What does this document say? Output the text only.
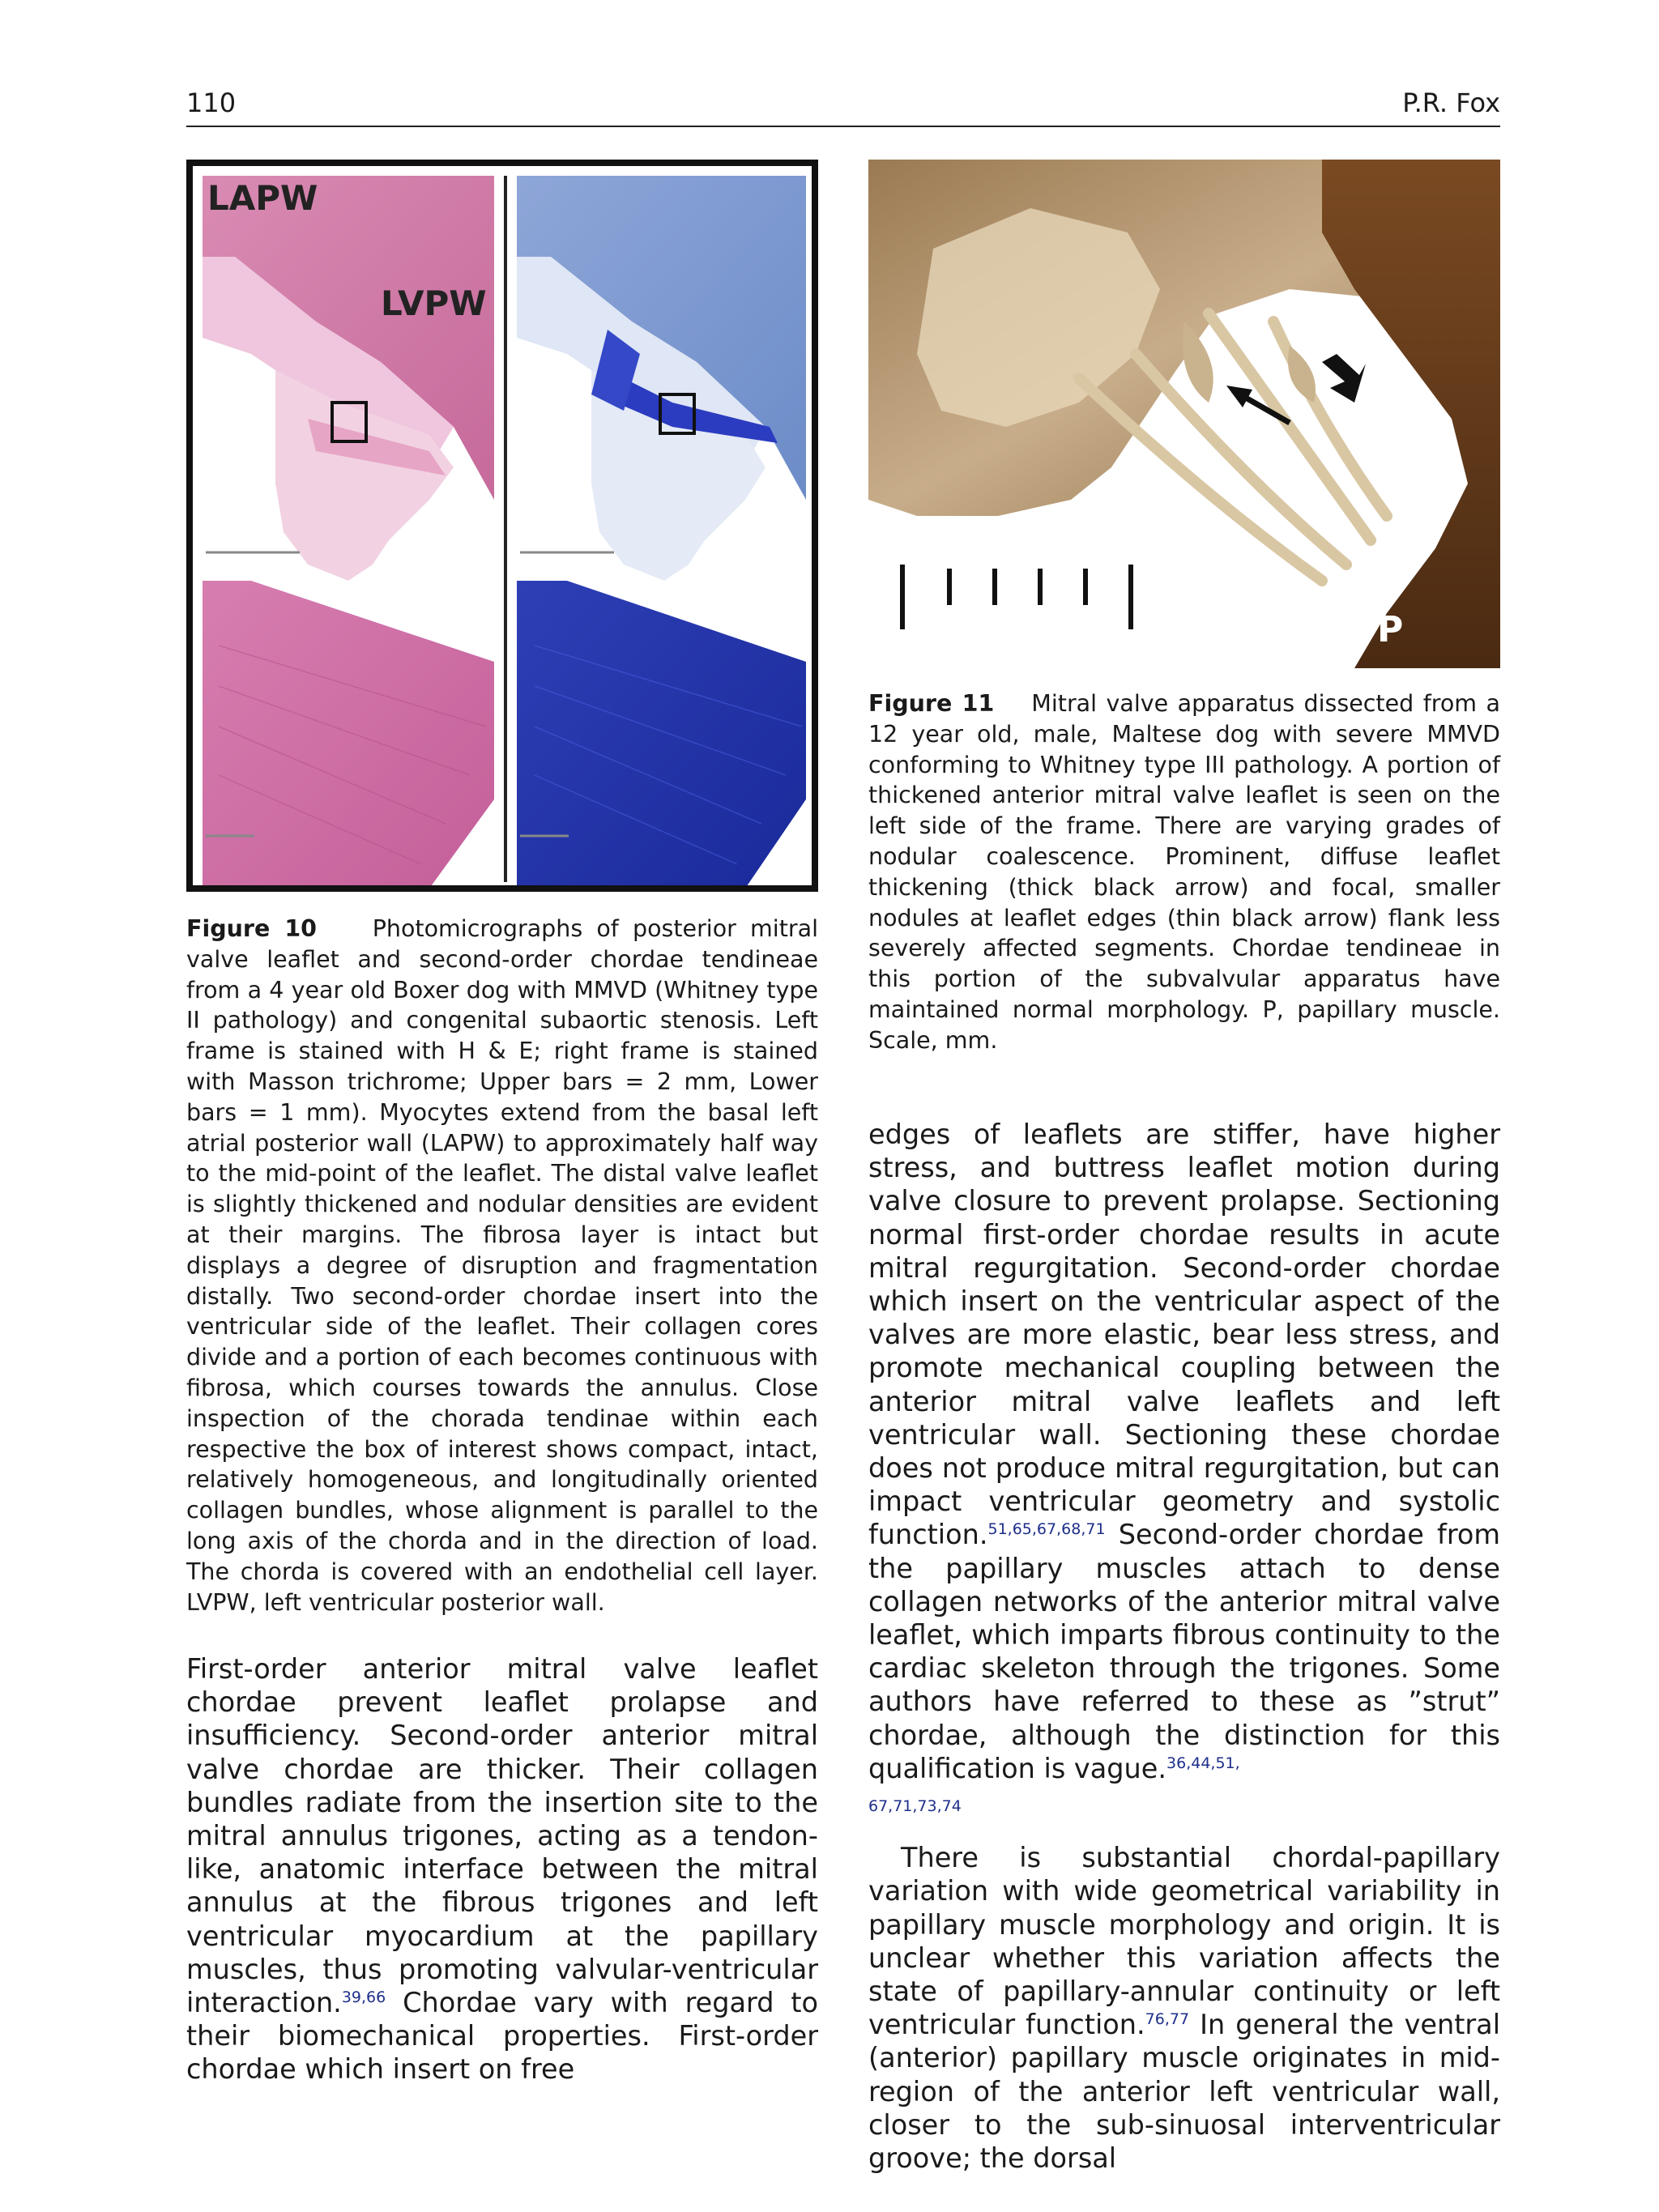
110	P.R. Fox
LAPW
LVPW
Figure 10 Photomicrographs of posterior mitral valve leaflet and second-order chordae tendineae from a 4 year old Boxer dog with MMVD (Whitney type II pathology) and congenital subaortic stenosis. Left frame is stained with H & E; right frame is stained with Masson trichrome; Upper bars = 2 mm, Lower bars = 1 mm). Myocytes extend from the basal left atrial posterior wall (LAPW) to approximately half way to the mid-point of the leaflet. The distal valve leaflet is slightly thickened and nodular densities are evident at their margins. The fibrosa layer is intact but displays a degree of disruption and fragmentation distally. Two second-order chordae insert into the ventricular side of the leaflet. Their collagen cores divide and a portion of each becomes continuous with fibrosa, which courses towards the annulus. Close inspection of the chorada tendinae within each respective the box of interest shows compact, intact, relatively homogeneous, and longitudinally oriented collagen bundles, whose alignment is parallel to the long axis of the chorda and in the direction of load. The chorda is covered with an endothelial cell layer. LVPW, left ventricular posterior wall.
P
Figure 11 Mitral valve apparatus dissected from a 12 year old, male, Maltese dog with severe MMVD conforming to Whitney type III pathology. A portion of thickened anterior mitral valve leaflet is seen on the left side of the frame. There are varying grades of nodular coalescence. Prominent, diffuse leaflet thickening (thick black arrow) and focal, smaller nodules at leaflet edges (thin black arrow) flank less severely affected segments. Chordae tendineae in this portion of the subvalvular apparatus have maintained normal morphology. P, papillary muscle. Scale, mm.

First-order anterior mitral valve leaflet chordae prevent leaflet prolapse and insufficiency. Second-order anterior mitral valve chordae are thicker. Their collagen bundles radiate from the insertion site to the mitral annulus trigones, acting as a tendon-like, anatomic interface between the mitral annulus at the fibrous trigones and left ventricular myocardium at the papillary muscles, thus promoting valvular-ventricular interaction.$^{39,66}$ Chordae vary with regard to their biomechanical properties. First-order chordae which insert on free

edges of leaflets are stiffer, have higher stress, and buttress leaflet motion during valve closure to prevent prolapse. Sectioning normal first-order chordae results in acute mitral regurgitation. Second-order chordae which insert on the ventricular aspect of the valves are more elastic, bear less stress, and promote mechanical coupling between the anterior mitral valve leaflets and left ventricular wall. Sectioning these chordae does not produce mitral regurgitation, but can impact ventricular geometry and systolic function.$^{51,65,67,68,71}$ Second-order chordae from the papillary muscles attach to dense collagen networks of the anterior mitral valve leaflet, which imparts fibrous continuity to the cardiac skeleton through the trigones. Some authors have referred to these as ”strut” chordae, although the distinction for this qualification is vague.$^{36,44,51,}$
67,71,73,74

There is substantial chordal-papillary variation with wide geometrical variability in papillary muscle morphology and origin. It is unclear whether this variation affects the state of papillary-annular continuity or left ventricular function.$^{76,77}$ In general the ventral (anterior) papillary muscle originates in mid-region of the anterior left ventricular wall, closer to the sub-sinuosal interventricular groove; the dorsal
